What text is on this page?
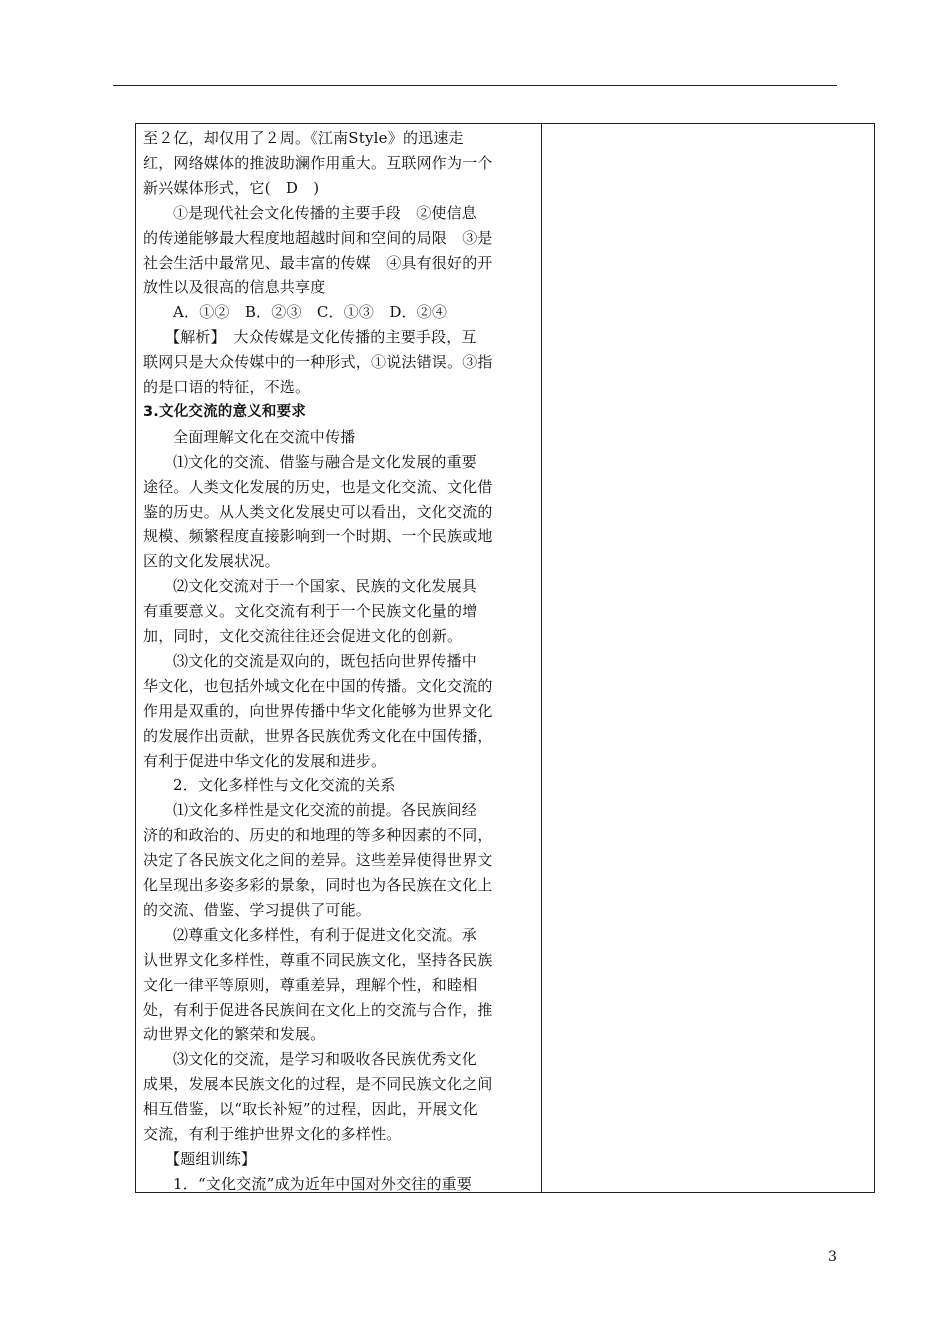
至２亿，却仅用了２周。《江南Style》的迅速走
红，网络媒体的推波助澜作用重大。互联网作为一个
新兴媒体形式，它(　D　)
①是现代社会文化传播的主要手段　②使信息
的传递能够最大程度地超越时间和空间的局限　③是
社会生活中最常见、最丰富的传媒　④具有很好的开
放性以及很高的信息共享度
A．①②　B．②③　C．①③　D．②④
【解析】　大众传媒是文化传播的主要手段，互
联网只是大众传媒中的一种形式，①说法错误。③指
的是口语的特征，不选。
3.文化交流的意义和要求
全面理解文化在交流中传播
⑴文化的交流、借鉴与融合是文化发展的重要
途径。人类文化发展的历史，也是文化交流、文化借
鉴的历史。从人类文化发展史可以看出，文化交流的
规模、频繁程度直接影响到一个时期、一个民族或地
区的文化发展状况。
⑵文化交流对于一个国家、民族的文化发展具
有重要意义。文化交流有利于一个民族文化量的增
加，同时，文化交流往往还会促进文化的创新。
⑶文化的交流是双向的，既包括向世界传播中
华文化，也包括外域文化在中国的传播。文化交流的
作用是双重的，向世界传播中华文化能够为世界文化
的发展作出贡献，世界各民族优秀文化在中国传播，
有利于促进中华文化的发展和进步。
2．文化多样性与文化交流的关系
⑴文化多样性是文化交流的前提。各民族间经
济的和政治的、历史的和地理的等多种因素的不同，
决定了各民族文化之间的差异。这些差异使得世界文
化呈现出多姿多彩的景象，同时也为各民族在文化上
的交流、借鉴、学习提供了可能。
⑵尊重文化多样性，有利于促进文化交流。承
认世界文化多样性，尊重不同民族文化，坚持各民族
文化一律平等原则，尊重差异，理解个性，和睦相
处，有利于促进各民族间在文化上的交流与合作，推
动世界文化的繁荣和发展。
⑶文化的交流，是学习和吸收各民族优秀文化
成果，发展本民族文化的过程，是不同民族文化之间
相互借鉴，以“取长补短”的过程，因此，开展文化
交流，有利于维护世界文化的多样性。
【题组训练】
1．“文化交流”成为近年中国对外交往的重要
3
